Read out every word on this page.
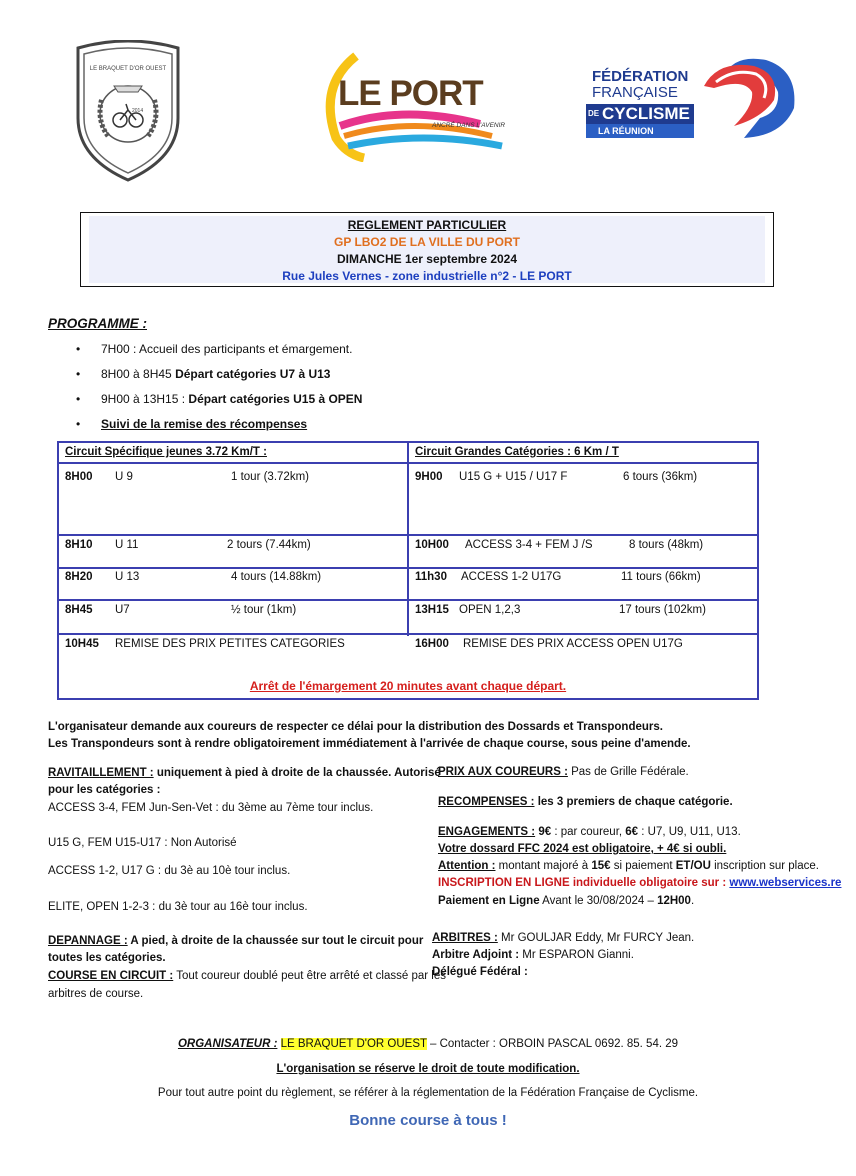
LE BRAQUET D'OR OUEST
2014	LE PORT
ANCRÉ DANS L'AVENIR
FÉDÉRATION
FRANÇAISE
DE CYCLISME
LA RÉUNION
REGLEMENT PARTICULIER
GP LBO2 DE LA VILLE DU PORT
DIMANCHE 1er septembre 2024
Rue Jules Vernes - zone industrielle n°2 - LE PORT
PROGRAMME :
• 7H00 : Accueil des participants et émargement.
• 8H00 à 8H45 Départ catégories U7 à U13
• 9H00 à 13H15 : Départ catégories U15 à OPEN
• Suivi de la remise des récompenses
Circuit Spécifique jeunes 3.72 Km/T :	Circuit Grandes Catégories : 6 Km / T
8H00 U 9	1 tour (3.72km)	9H00 U15 G + U15 / U17 F	6 tours (36km)
8H10 U 11	2 tours (7.44km)	10H00 ACCESS 3-4 + FEM J /S	8 tours (48km)
8H20 U 13	4 tours (14.88km)	11h30 ACCESS 1-2 U17G	11 tours (66km)
8H45 U7	½ tour (1km)	13H15 OPEN 1,2,3	17 tours (102km)
10H45 REMISE DES PRIX PETITES CATEGORIES	16H00 REMISE DES PRIX ACCESS OPEN U17G
Arrêt de l'émargement 20 minutes avant chaque départ.
L'organisateur demande aux coureurs de respecter ce délai pour la distribution des Dossards et Transpondeurs.
Les Transpondeurs sont à rendre obligatoirement immédiatement à l'arrivée de chaque course, sous peine d'amende.
RAVITAILLEMENT : uniquement à pied à droite de la chaussée. Autorisé
pour les catégories :
ACCESS 3-4, FEM Jun-Sen-Vet : du 3ème au 7ème tour inclus.
U15 G, FEM U15-U17 : Non Autorisé
ACCESS 1-2, U17 G : du 3è au 10è tour inclus.
ELITE, OPEN 1-2-3 : du 3è tour au 16è tour inclus.
DEPANNAGE : A pied, à droite de la chaussée sur tout le circuit pour
toutes les catégories.
COURSE EN CIRCUIT : Tout coureur doublé peut être arrêté et classé par les
arbitres de course.
PRIX AUX COUREURS : Pas de Grille Fédérale.
RECOMPENSES : les 3 premiers de chaque catégorie.
ENGAGEMENTS : 9€ : par coureur, 6€ : U7, U9, U11, U13.
Votre dossard FFC 2024 est obligatoire, + 4€ si oubli.
Attention : montant majoré à 15€ si paiement ET/OU inscription sur place.
INSCRIPTION EN LIGNE individuelle obligatoire sur : www.webservices.re
Paiement en Ligne Avant le 30/08/2024 – 12H00.
ARBITRES : Mr GOULJAR Eddy, Mr FURCY Jean.
Arbitre Adjoint : Mr ESPARON Gianni.
Délégué Fédéral :
ORGANISATEUR : LE BRAQUET D'OR OUEST – Contacter : ORBOIN PASCAL 0692. 85. 54. 29
L'organisation se réserve le droit de toute modification.
Pour tout autre point du règlement, se référer à la réglementation de la Fédération Française de Cyclisme.
Bonne course à tous !
